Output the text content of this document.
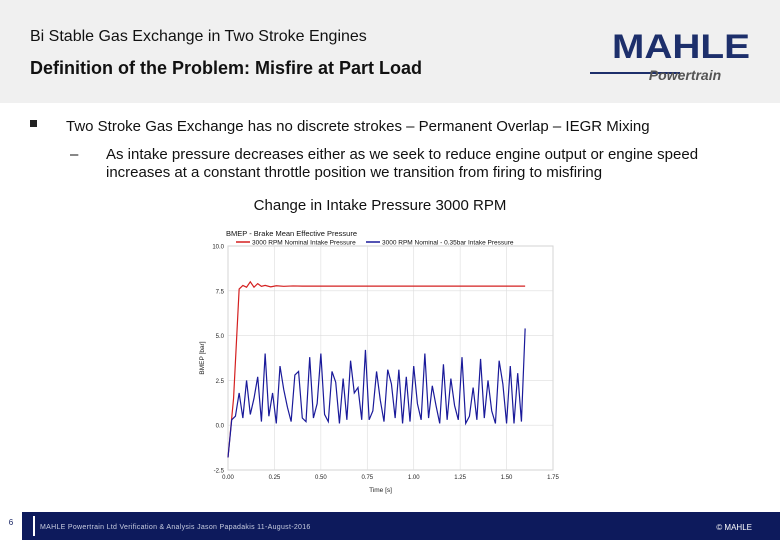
Bi Stable Gas Exchange in Two Stroke Engines
Definition of the Problem: Misfire at Part Load
MAHLE
Powertrain
Two Stroke Gas Exchange has no discrete strokes – Permanent Overlap – IEGR Mixing
– As intake pressure decreases either as we seek to reduce engine output or engine speed increases at a constant throttle position we transition from firing to misfiring
Change in Intake Pressure 3000 RPM
BMEP - Brake Mean Effective Pressure
-2.5
0.0
2.5
5.0
7.5
10.0
0.00	0.25	0.50	0.75	1.00	1.25	1.50	1.75
Time [s]
BMEP [bar]
3000 RPM Nominal Intake Pressure	3000 RPM Nominal - 0.35bar Intake Pressure
6
MAHLE Powertrain Ltd Verification & Analysis Jason Papadakis 11-August-2016	© MAHLE
